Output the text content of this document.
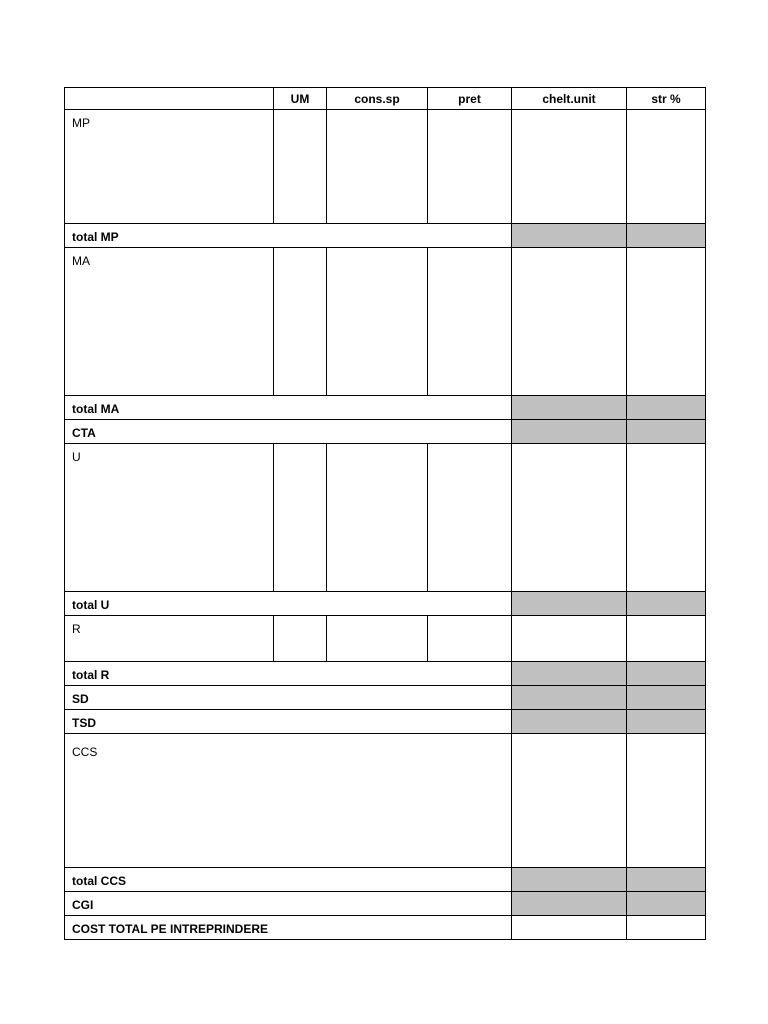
	UM	cons.sp	pret	chelt.unit	str %
MP					
total MP					
MA					
total MA					
CTA					
U					
total U					
R					
total R					
SD					
TSD					
CCS					
total CCS					
CGI					
COST TOTAL PE INTREPRINDERE					
